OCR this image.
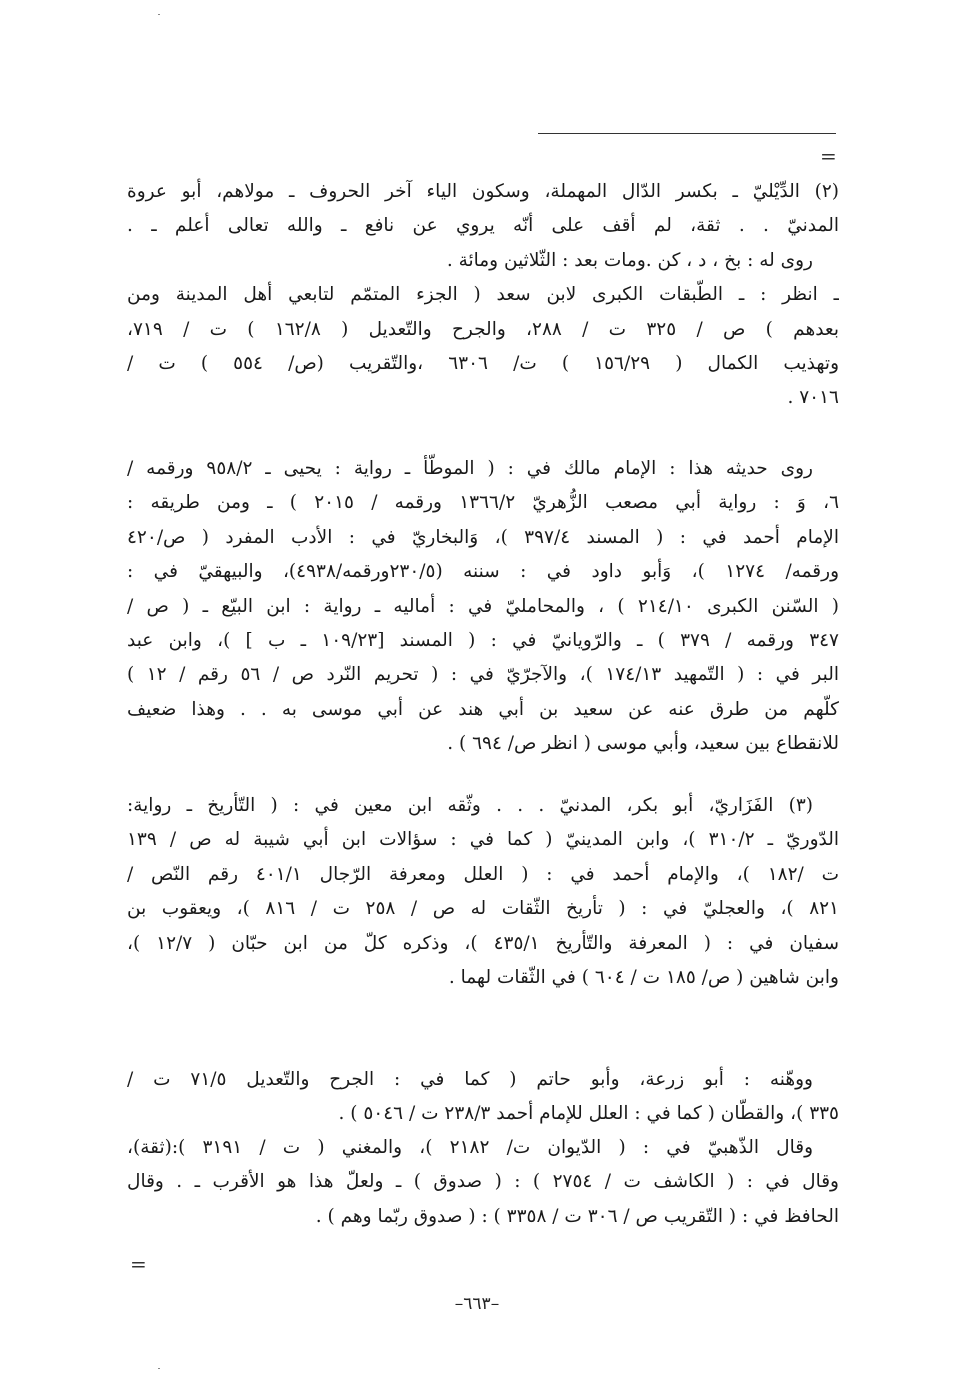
=
(٢) الدِّيْليّ ـ بكسر الدّال المهملة، وسكون الياء آخر الحروف ـ مولاهم، أبو عروة
المدنيّ . . ثقة، لم أقف على أنّه يروي عن نافع ـ والله تعالى أعلم ـ .
روى له : بخ ، د ، كن .ومات بعد : الثّلاثين ومائة .
ـ انظر : ـ الطّبقات الكبرى لابن سعد ( الجزء المتمّم لتابعي أهل المدينة ومن
بعدهم ) ص / ٣٢٥ ت / ٢٨٨، والجرح والتّعديل ( ١٦٢/٨ ) ت / ٧١٩،
وتهذيب الكمال ( ١٥٦/٢٩ ) ت/ ٦٣٠٦ ،والتّقريب (ص/ ٥٥٤ ) ت /
٧٠١٦ .
روى حديثه هذا : الإمام مالك في : ( الموطّأ ـ رواية : يحيى ـ ٩٥٨/٢ ورقمه /
٦، وَ : رواية أبي مصعب الزُّهريّ ١٣٦٦/٢ ورقمه / ٢٠١٥ ) ـ ومن طريقه :
الإمام أحمد في : ( المسند ٣٩٧/٤ )، وَالبخاريّ في : الأدب المفرد ( ص/٤٢٠
ورقمه/ ١٢٧٤ )، وَأبو داود في : سننه (٢٣٠/٥ورقمه/٤٩٣٨)، والبيهقيّ في :
( السّنن الكبرى ٢١٤/١٠ ) ، والمحامليّ في : أماليه ـ رواية : ابن البيّع ـ ( ص /
٣٤٧ ورقمه / ٣٧٩ ) ـ والرّويانيّ في : ( المسند [١٠٩/٢٣ ـ ب ] )، وابن عبد
البر في : ( التّمهيد ١٧٤/١٣ )، والآجرّيّ في : ( تحريم النّرد ص / ٥٦ رقم / ١٢ )
كلّهم من طرق عنه عن سعيد بن أبي هند عن أبي موسى به . . وهذا ضعيف
للانقطاع بين سعيد، وأبي موسى ( انظر ص/ ٦٩٤ ) .
(٣) الفَزَاريّ، أبو بكر، المدنيّ . . . وثّقه ابن معين في : ( التّأريخ ـ رواية:
الدّوريّ ـ ٣١٠/٢ )، وابن المدينيّ ( كما في : سؤالات ابن أبي شيبة له ص / ١٣٩
ت /١٨٢ )، والإمام أحمد في : ( العلل ومعرفة الرّجال ٤٠١/١ رقم النّص /
٨٢١ )، والعجليّ في : ( تأريخ الثّقات له ص / ٢٥٨ ت / ٨١٦ )، ويعقوب بن
سفيان في : ( المعرفة والتّأريخ ٤٣٥/١ )، وذكره كلّ من ابن حبّان ( ١٢/٧ )،
وابن شاهين ( ص/ ١٨٥ ت / ٦٠٤ ) في الثّقات لهما .
ووهّنه : أبو زرعة، وأبو حاتم ( كما في : الجرح والتّعديل ٧١/٥ ت /
٣٣٥ )، والقطّان ( كما في : العلل للإمام أحمد ٢٣٨/٣ ت / ٥٠٤٦ ) .
وقال الذّهبيّ في : ( الدّيوان ت/ ٢١٨٢ )، والمغني ( ت / ٣١٩١ ):(ثقة)،
وقال في : ( الكاشف ت / ٢٧٥٤ ) : ( صدوق ) ـ ولعلّ هذا هو الأقرب ـ . وقال
الحافظ في : ( التّقريب ص / ٣٠٦ ت / ٣٣٥٨ ) : ( صدوق ربّما وهم ) .
=
–٦٦٣–
